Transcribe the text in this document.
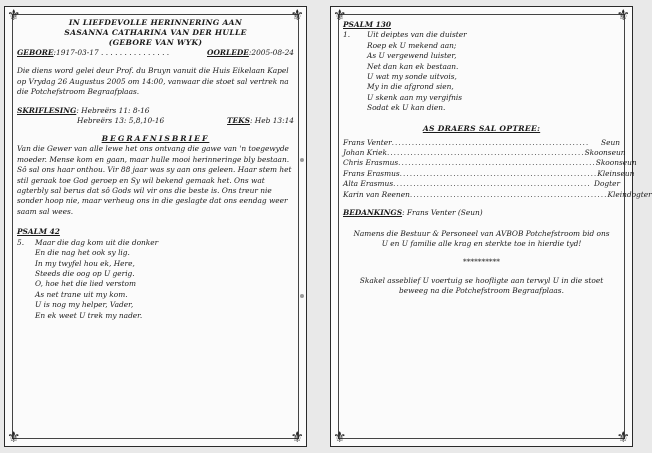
⚜	⚜
⚜	⚜
IN LIEFDEVOLLE HERINNERING AAN
SASANNA CATHARINA VAN DER HULLE
(GEBORE VAN WYK)
GEBORE:1917-03-17 . . . . . . . . . . . . . . .	OORLEDE:2005-08-24

Die diens word gelei deur Prof. du Bruyn vanuit die Huis Eikelaan Kapel op Vrydag 26 Augustus 2005 om 14:00, vanwaar die stoet sal vertrek na die Potchefstroom Begraafplaas.

SKRIFLESING: Hebreërs 11: 8-16
Hebreërs 13: 5,8,10-16	TEKS: Heb 13:14
BEGRAFNISBRIEF

Van die Gewer van alle lewe het ons ontvang die gawe van 'n toegewyde moeder. Mense kom en gaan, maar hulle mooi herinneringe bly bestaan. Sô sal ons haar onthou. Vir 88 jaar was sy aan ons geleen. Haar stem het stil geraak toe God geroep en Sy wil bekend gemaak het. Ons wat agterbly sal berus dat sô Gods wil vir ons die beste is. Ons treur nie sonder hoop nie, maar verheug ons in die geslagte dat ons eendag weer saam sal wees.

PSALM 42
5.	Maar die dag kom uit die donker
En die nag het ook sy lig.
In my twyfel hou ek, Here,
Steeds die oog op U gerig.
O, hoe het die lied verstom
As net trane uit my kom.
U is nog my helper, Vader,
En ek weet U trek my nader.
⚜	⚜
⚜	⚜
PSALM 130
1.	Uit deiptes van die duister
Roep ek U mekend aan;
As U vergewend luister,
Net dan kan ek bestaan.
U wat my sonde uitvois,
My in die afgrond sien,
U skenk aan my vergifnis
Sodat ek U kan dien.
AS DRAERS SAL OPTREE:
Frans Venter ...........................................................	Seun
Johan Kriek ........................................................... Skoonseun
Chris Erasmus ........................................................... Skoonseun
Frans Erasmus ........................................................... Kleinseun
Alta Erasmus ........................................................... Dogter
Karin van Reenen ........................................................... Kleindogter
BEDANKINGS: Frans Venter (Seun)

Namens die Bestuur & Personeel van AVBOB Potchefstroom bid ons U en U familie alle krag en sterkte toe in hierdie tyd!

**********

Skakel asseblief U voertuig se hoofligte aan terwyl U in die stoet beweeg na die Potchefstroom Begraafplaas.
